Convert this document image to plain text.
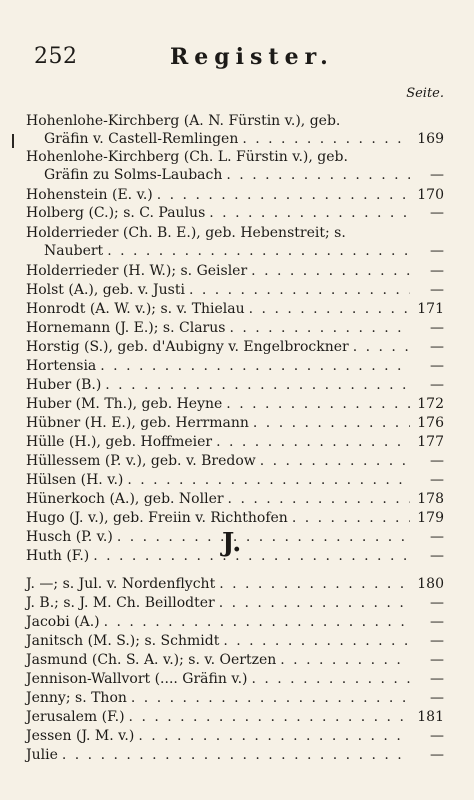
252	Register.
Seite.
J.
Hohenlohe-Kirchberg (A. N. Fürstin v.), geb.
Gräfin v. Castell-Remlingen . . .	169
Hohenlohe-Kirchberg (Ch. L. Fürstin v.), geb.
Gräfin zu Solms-Laubach . . .	—
Hohenstein (E. v.) . . .	170
Holberg (C.); s. C. Paulus . . .	—
Holderrieder (Ch. B. E.), geb. Hebenstreit; s.
Naubert . . .	—
Holderrieder (H. W.); s. Geisler . . .	—
Holst (A.), geb. v. Justi . . .	—
Honrodt (A. W. v.); s. v. Thielau . . .	171
Hornemann (J. E.); s. Clarus . . .	—
Horstig (S.), geb. d'Aubigny v. Engelbrockner . . .	—
Hortensia . . .	—
Huber (B.) . . .	—
Huber (M. Th.), geb. Heyne . . .	172
Hübner (H. E.), geb. Herrmann . . .	176
Hülle (H.), geb. Hoffmeier . . .	177
Hüllessem (P. v.), geb. v. Bredow . . .	—
Hülsen (H. v.) . . .	—
Hünerkoch (A.), geb. Noller . . .	178
Hugo (J. v.), geb. Freiin v. Richthofen . . .	179
Husch (P. v.) . . .	—
Huth (F.) . . .	—
J. —; s. Jul. v. Nordenflycht . . .	180
J. B.; s. J. M. Ch. Beillodter . . .	—
Jacobi (A.) . . .	—
Janitsch (M. S.); s. Schmidt . . .	—
Jasmund (Ch. S. A. v.); s. v. Oertzen . . .	—
Jennison-Wallvort (.... Gräfin v.) . . .	—
Jenny; s. Thon . . .	—
Jerusalem (F.) . . .	181
Jessen (J. M. v.) . . .	—
Julie . . .	—
